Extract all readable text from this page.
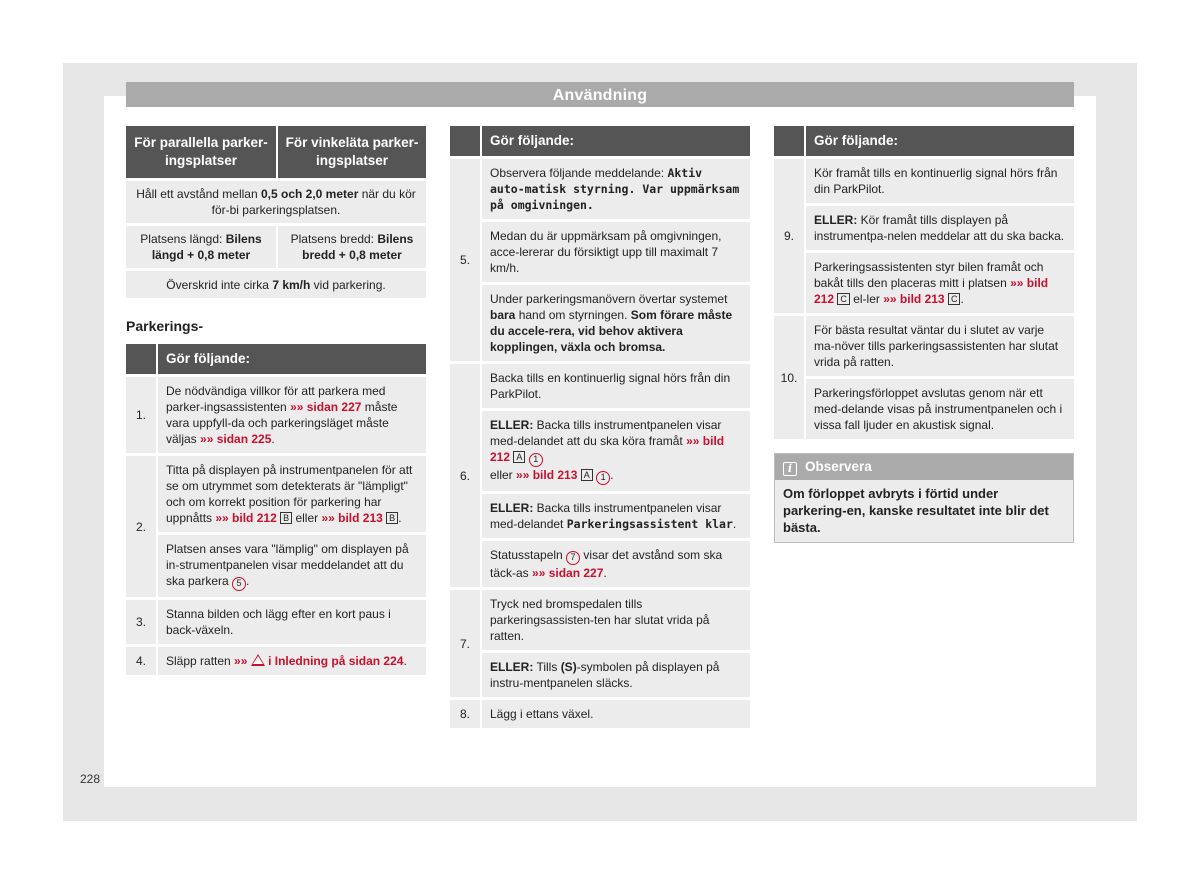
Användning
För parallella parker-ingsplatser	För vinkeläta parker-ingsplatser
Håll ett avstånd mellan 0,5 och 2,0 meter när du kör för-bi parkeringsplatsen.	
Platsens längd: Bilens längd + 0,8 meter	Platsens bredd: Bilens bredd + 0,8 meter
Överskrid inte cirka 7 km/h vid parkering.	
Parkerings-
	Gör följande:
1.	De nödvändiga villkor för att parkera med parker-ingsassistenten »» sidan 227 måste vara uppfyll-da och parkeringsläget måste väljas »» sidan 225.
2.	Titta på displayen på instrumentpanelen för att se om utrymmet som detekterats är "lämpligt" och om korrekt position för parkering har uppnåtts »» bild 212 B eller »» bild 213 B .
	Platsen anses vara "lämplig" om displayen på in-strumentpanelen visar meddelandet att du ska parkera 5 .
3.	Stanna bilden och lägg efter en kort paus i back-växeln.
4.	Släpp ratten »» i Inledning på sidan 224.
	Gör följande:
5.	Observera följande meddelande: Aktiv auto-matisk styrning. Var uppmärksam på omgivningen.
	Medan du är uppmärksam på omgivningen, acce-lererar du försiktigt upp till maximalt 7 km/h.
	Under parkeringsmanövern övertar systemet bara hand om styrningen. Som förare måste du accele-rera, vid behov aktivera kopplingen, växla och bromsa.
6.	Backa tills en kontinuerlig signal hörs från din ParkPilot.
	ELLER: Backa tills instrumentpanelen visar med-delandet att du ska köra framåt »» bild 212 A 1
eller »» bild 213 A 1 .
	ELLER: Backa tills instrumentpanelen visar med-delandet Parkeringsassistent klar.
	Statusstapeln 7 visar det avstånd som ska täck-as »» sidan 227.
7.	Tryck ned bromspedalen tills parkeringsassisten-ten har slutat vrida på ratten.
	ELLER: Tills (S)-symbolen på displayen på instru-mentpanelen släcks.
8.	Lägg i ettans växel.
	Gör följande:
9.	Kör framåt tills en kontinuerlig signal hörs från din ParkPilot.
	ELLER: Kör framåt tills displayen på instrumentpa-nelen meddelar att du ska backa.
	Parkeringsassistenten styr bilen framåt och bakåt tills den placeras mitt i platsen »» bild 212 C el-ler »» bild 213 C .
10.	För bästa resultat väntar du i slutet av varje ma-növer tills parkeringsassistenten har slutat vrida på ratten.
	Parkeringsförloppet avslutas genom när ett med-delande visas på instrumentpanelen och i vissa fall ljuder en akustisk signal.
i Observera
Om förloppet avbryts i förtid under parkering-en, kanske resultatet inte blir det bästa.
228
